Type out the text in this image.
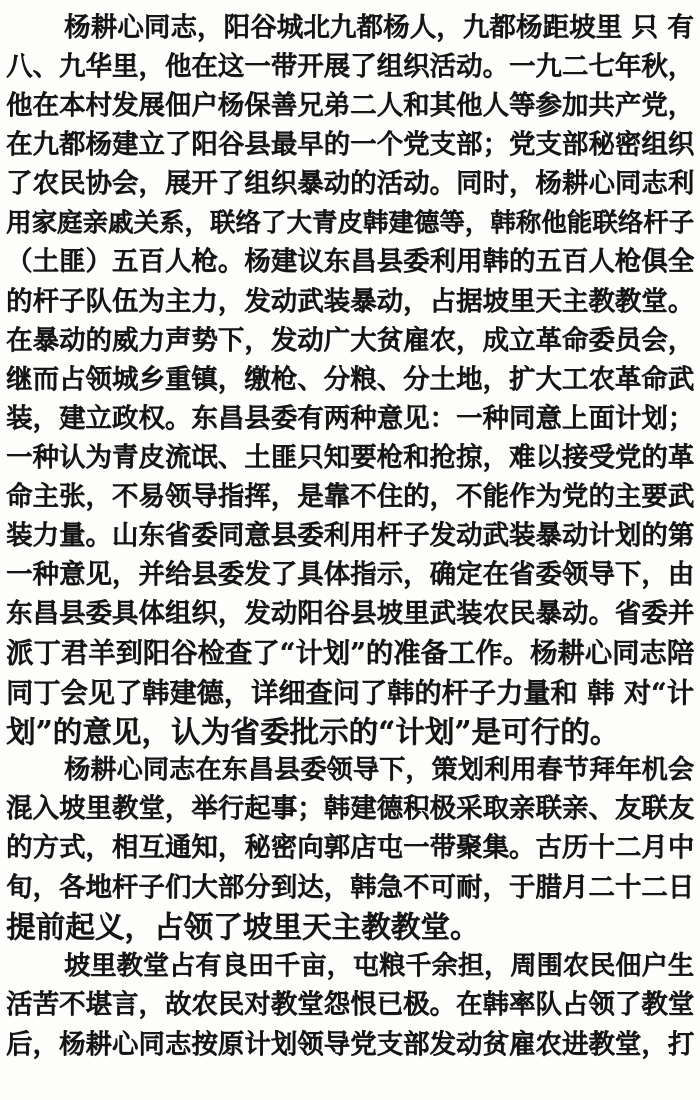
杨耕心同志，阳谷城北九都杨人，九都杨距坡里 只 有
八、九华里，他在这一带开展了组织活动。一九二七年秋，
他在本村发展佃户杨保善兄弟二人和其他人等参加共产党，
在九都杨建立了阳谷县最早的一个党支部；党支部秘密组织
了农民协会，展开了组织暴动的活动。同时，杨耕心同志利
用家庭亲戚关系，联络了大青皮韩建德等，韩称他能联络杆子
（土匪）五百人枪。杨建议东昌县委利用韩的五百人枪俱全
的杆子队伍为主力，发动武装暴动，占据坡里天主教教堂。
在暴动的威力声势下，发动广大贫雇农，成立革命委员会，
继而占领城乡重镇，缴枪、分粮、分土地，扩大工农革命武
装，建立政权。东昌县委有两种意见：一种同意上面计划；
一种认为青皮流氓、土匪只知要枪和抢掠，难以接受党的革
命主张，不易领导指挥，是靠不住的，不能作为党的主要武
装力量。山东省委同意县委利用杆子发动武装暴动计划的第
一种意见，并给县委发了具体指示，确定在省委领导下，由
东昌县委具体组织，发动阳谷县坡里武装农民暴动。省委并
派丁君羊到阳谷检查了“计划”的准备工作。杨耕心同志陪
同丁会见了韩建德，详细查问了韩的杆子力量和 韩 对“计
划”的意见，认为省委批示的“计划”是可行的。
杨耕心同志在东昌县委领导下，策划利用春节拜年机会
混入坡里教堂，举行起事；韩建德积极采取亲联亲、友联友
的方式，相互通知，秘密向郭店屯一带聚集。古历十二月中
旬，各地杆子们大部分到达，韩急不可耐，于腊月二十二日
提前起义，占领了坡里天主教教堂。
坡里教堂占有良田千亩，屯粮千余担，周围农民佃户生
活苦不堪言，故农民对教堂怨恨已极。在韩率队占领了教堂
后，杨耕心同志按原计划领导党支部发动贫雇农进教堂，打
